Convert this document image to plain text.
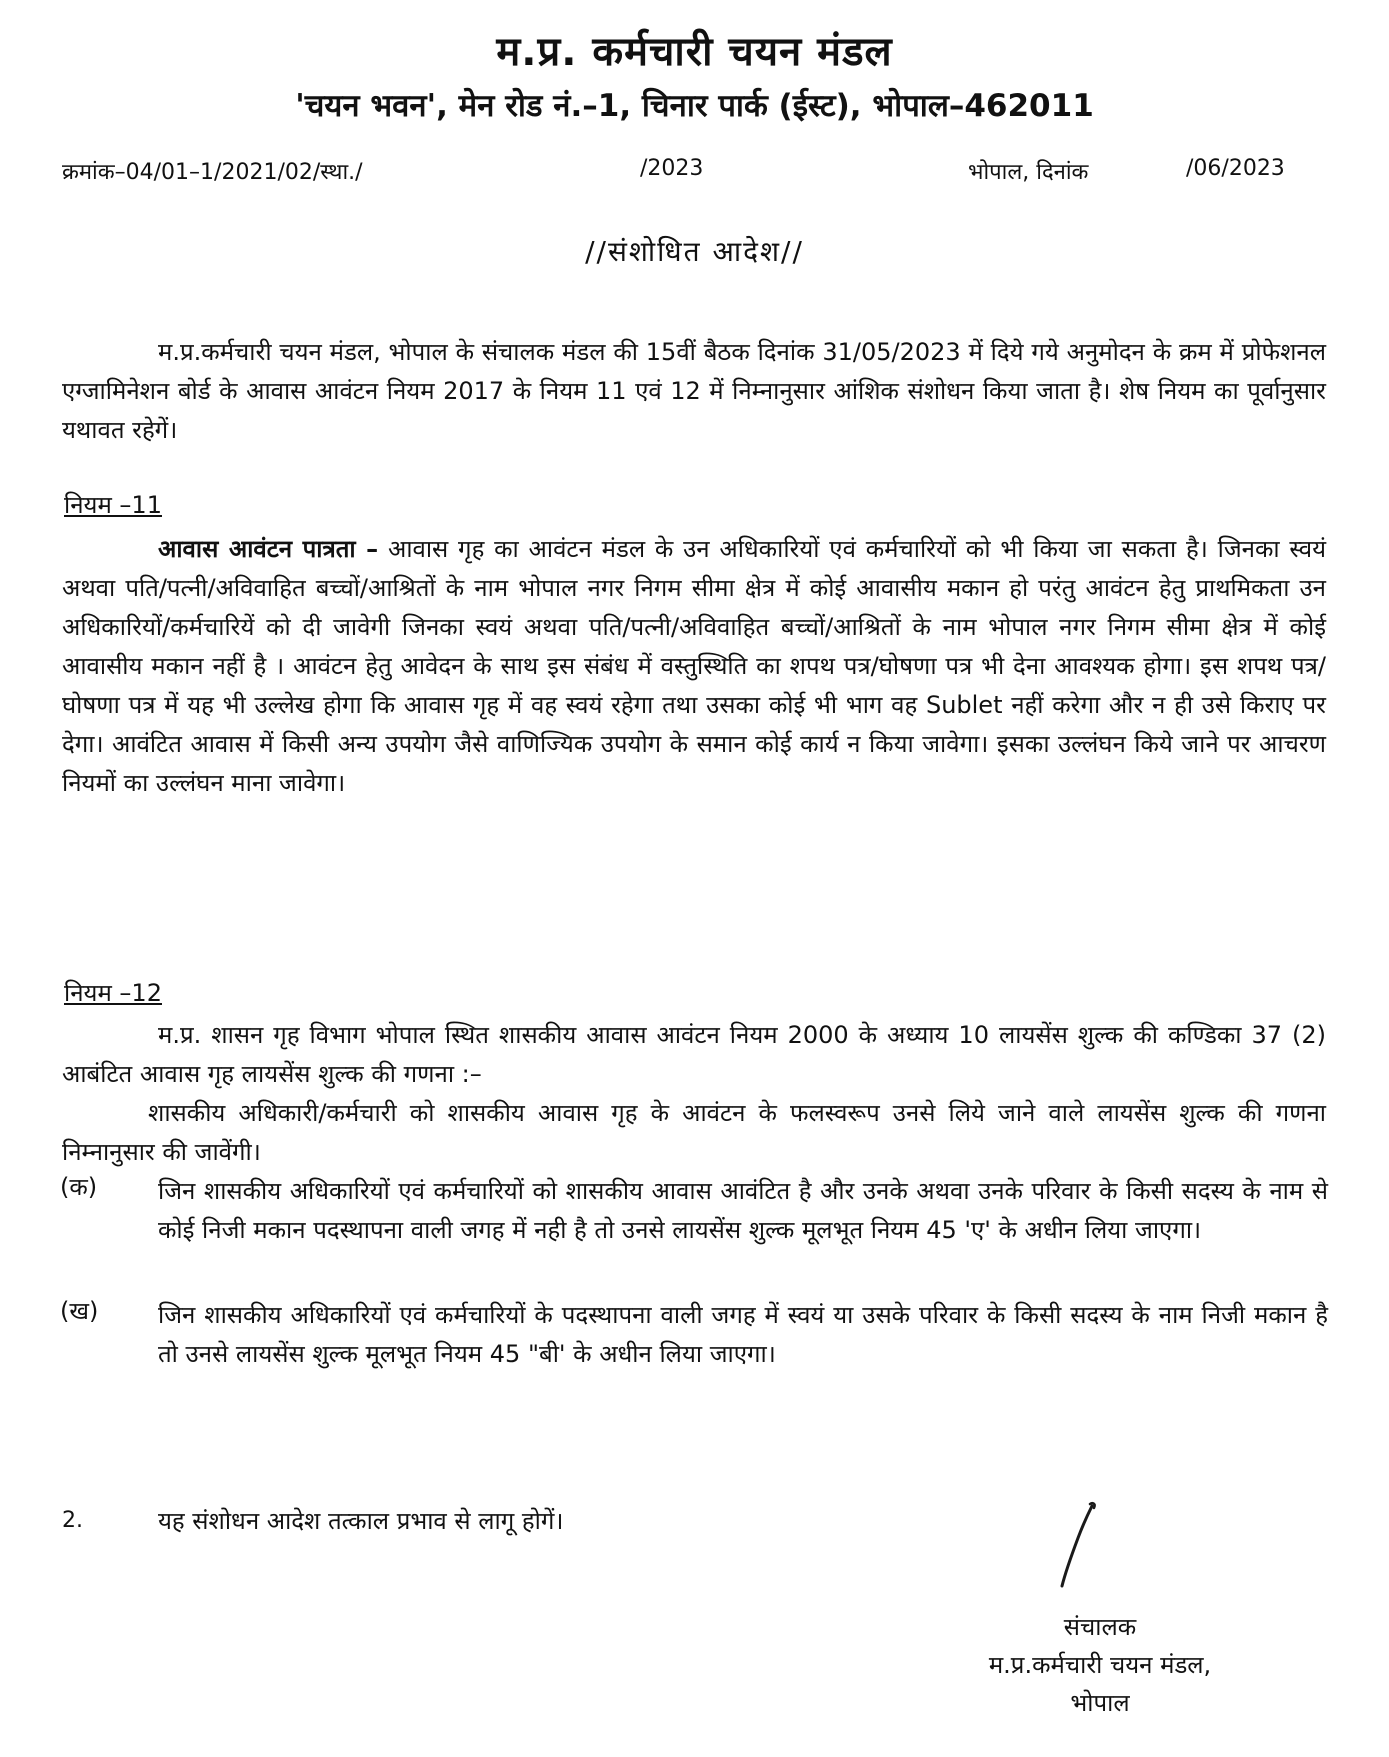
म.प्र. कर्मचारी चयन मंडल
'चयन भवन', मेन रोड नं.–1, चिनार पार्क (ईस्ट), भोपाल–462011
क्रमांक–04/01–1/2021/02/स्था./	/2023	भोपाल, दिनांक	/06/2023
//संशोधित आदेश//
म.प्र.कर्मचारी चयन मंडल, भोपाल के संचालक मंडल की 15वीं बैठक दिनांक 31/05/2023 में दिये गये अनुमोदन के क्रम में प्रोफेशनल एग्जामिनेशन बोर्ड के आवास आवंटन नियम 2017 के नियम 11 एवं 12 में निम्नानुसार आंशिक संशोधन किया जाता है। शेष नियम का पूर्वानुसार यथावत रहेगें।
नियम –11
आवास आवंटन पात्रता – आवास गृह का आवंटन मंडल के उन अधिकारियों एवं कर्मचारियों को भी किया जा सकता है। जिनका स्वयं अथवा पति/पत्नी/अविवाहित बच्चों/आश्रितों के नाम भोपाल नगर निगम सीमा क्षेत्र में कोई आवासीय मकान हो परंतु आवंटन हेतु प्राथमिकता उन अधिकारियों/कर्मचारियें को दी जावेगी जिनका स्वयं अथवा पति/पत्नी/अविवाहित बच्चों/आश्रितों के नाम भोपाल नगर निगम सीमा क्षेत्र में कोई आवासीय मकान नहीं है । आवंटन हेतु आवेदन के साथ इस संबंध में वस्तुस्थिति का शपथ पत्र/घोषणा पत्र भी देना आवश्यक होगा। इस शपथ पत्र/घोषणा पत्र में यह भी उल्लेख होगा कि आवास गृह में वह स्वयं रहेगा तथा उसका कोई भी भाग वह Sublet नहीं करेगा और न ही उसे किराए पर देगा। आवंटित आवास में किसी अन्य उपयोग जैसे वाणिज्यिक उपयोग के समान कोई कार्य न किया जावेगा। इसका उल्लंघन किये जाने पर आचरण नियमों का उल्लंघन माना जावेगा।
नियम –12
म.प्र. शासन गृह विभाग भोपाल स्थित शासकीय आवास आवंटन नियम 2000 के अध्याय 10 लायसेंस शुल्क की कण्डिका 37 (2) आबंटित आवास गृह लायसेंस शुल्क की गणना :–
शासकीय अधिकारी/कर्मचारी को शासकीय आवास गृह के आवंटन के फलस्वरूप उनसे लिये जाने वाले लायसेंस शुल्क की गणना निम्नानुसार की जावेंगी।
(क)	जिन शासकीय अधिकारियों एवं कर्मचारियों को शासकीय आवास आवंटित है और उनके अथवा उनके परिवार के किसी सदस्य के नाम से कोई निजी मकान पदस्थापना वाली जगह में नही है तो उनसे लायसेंस शुल्क मूलभूत नियम 45 'ए' के अधीन लिया जाएगा।
(ख) जिन शासकीय अधिकारियों एवं कर्मचारियों के पदस्थापना वाली जगह में स्वयं या उसके परिवार के किसी सदस्य के नाम निजी मकान है तो उनसे लायसेंस शुल्क मूलभूत नियम 45 "बी' के अधीन लिया जाएगा।
2.	यह संशोधन आदेश तत्काल प्रभाव से लागू होगें।
संचालक
म.प्र.कर्मचारी चयन मंडल,
भोपाल
